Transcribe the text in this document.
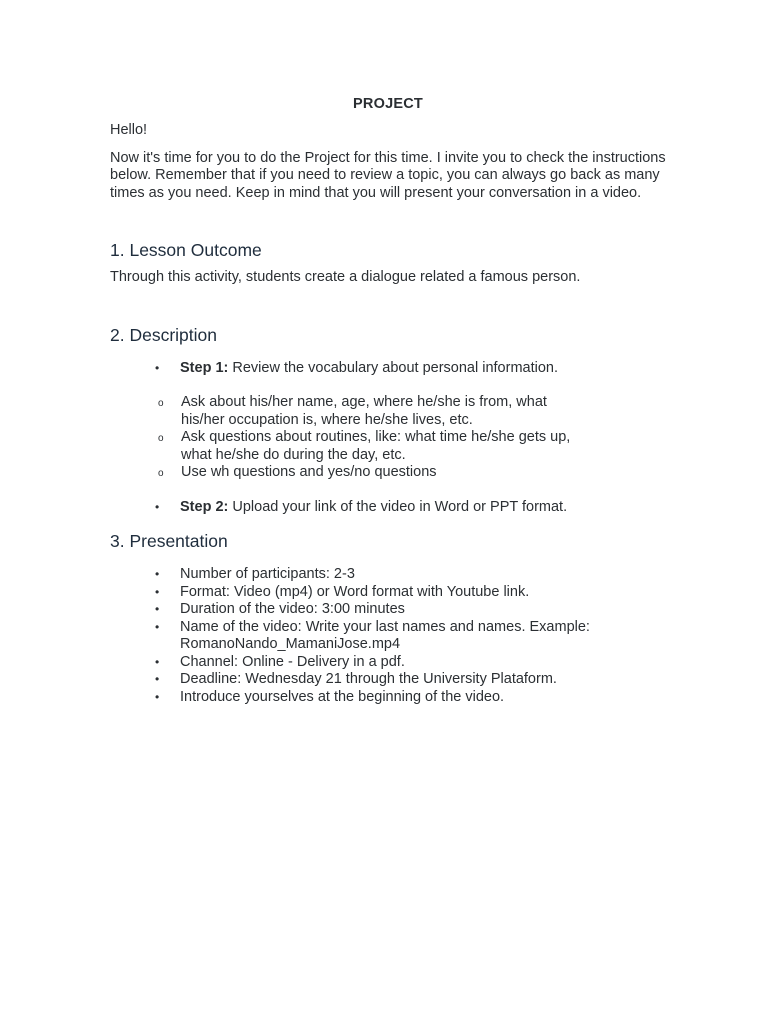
PROJECT

Hello!

Now it's time for you to do the Project for this time. I invite you to check the instructions below. Remember that if you need to review a topic, you can always go back as many times as you need. Keep in mind that you will present your conversation in a video.

1. Lesson Outcome

Through this activity, students create a dialogue related a famous person.

2. Description
• Step 1: Review the vocabulary about personal information.
o Ask about his/her name, age, where he/she is from, what his/her occupation is, where he/she lives, etc.
o Ask questions about routines, like: what time he/she gets up, what he/she do during the day, etc.
o Use wh questions and yes/no questions
• Step 2: Upload your link of the video in Word or PPT format.
3. Presentation
• Number of participants: 2-3
• Format: Video (mp4) or Word format with Youtube link.
• Duration of the video: 3:00 minutes
• Name of the video: Write your last names and names. Example: RomanoNando_MamaniJose.mp4
• Channel: Online - Delivery in a pdf.
• Deadline: Wednesday 21 through the University Plataform.
• Introduce yourselves at the beginning of the video.
